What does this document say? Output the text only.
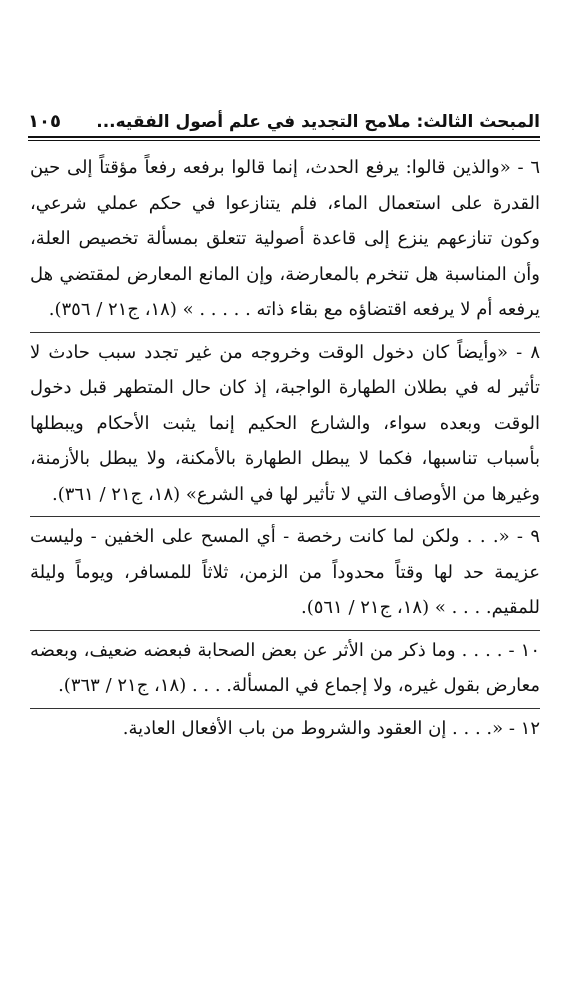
المبحث الثالث: ملامح التجديد في علم أصول الفقيه...
١٠٥

٦ - «والذين قالوا: يرفع الحدث، إنما قالوا برفعه رفعاً مؤقتاً إلى حين القدرة على استعمال الماء، فلم يتنازعوا في حكم عملي شرعي، وكون تنازعهم ينزع إلى قاعدة أصولية تتعلق بمسألة تخصيص العلة، وأن المناسبة هل تنخرم بالمعارضة، وإن المانع المعارض لمقتضي هل يرفعه أم لا يرفعه اقتضاؤه مع بقاء ذاته . . . . . » (١٨، ج٢١ / ٣٥٦).

٨ - «وأيضاً كان دخول الوقت وخروجه من غير تجدد سبب حادث لا تأثير له في بطلان الطهارة الواجبة، إذ كان حال المتطهر قبل دخول الوقت وبعده سواء، والشارع الحكيم إنما يثبت الأحكام ويبطلها بأسباب تناسبها، فكما لا يبطل الطهارة بالأمكنة، ولا يبطل بالأزمنة، وغيرها من الأوصاف التي لا تأثير لها في الشرع» (١٨، ج٢١ / ٣٦١).

٩ - «. . . ولكن لما كانت رخصة - أي المسح على الخفين - وليست عزيمة حد لها وقتاً محدوداً من الزمن، ثلاثاً للمسافر، ويوماً وليلة للمقيم. . . . » (١٨، ج٢١ / ٥٦١).

١٠ - . . . . وما ذكر من الأثر عن بعض الصحابة فبعضه ضعيف، وبعضه معارض بقول غيره، ولا إجماع في المسألة. . . . (١٨، ج٢١ / ٣٦٣).

١٢ - «. . . . إن العقود والشروط من باب الأفعال العادية.
